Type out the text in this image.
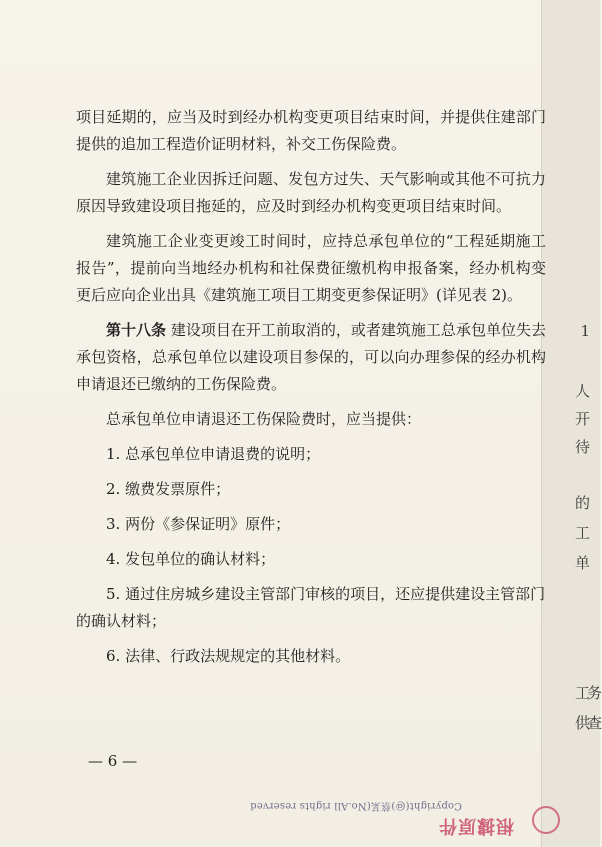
1
人
开
待
的
工
单
工
务
供
查

项目延期的，应当及时到经办机构变更项目结束时间，并提供住建部门提供的追加工程造价证明材料，补交工伤保险费。

建筑施工企业因拆迁问题、发包方过失、天气影响或其他不可抗力原因导致建设项目拖延的，应及时到经办机构变更项目结束时间。

建筑施工企业变更竣工时间时，应持总承包单位的“工程延期施工报告”，提前向当地经办机构和社保费征缴机构申报备案，经办机构变更后应向企业出具《建筑施工项目工期变更参保证明》(详见表 2)。

第十八条 建设项目在开工前取消的，或者建筑施工总承包单位失去承包资格，总承包单位以建设项目参保的，可以向办理参保的经办机构申请退还已缴纳的工伤保险费。

总承包单位申请退还工伤保险费时，应当提供：

1. 总承包单位申请退费的说明；

2. 缴费发票原件；

3. 两份《参保证明》原件；

4. 发包单位的确认材料；

5. 通过住房城乡建设主管部门审核的项目，还应提供建设主管部门的确认材料；

6. 法律、行政法规规定的其他材料。

— 6 —
Copyright(@)蔡某(No.All rights reserved
根據原件
